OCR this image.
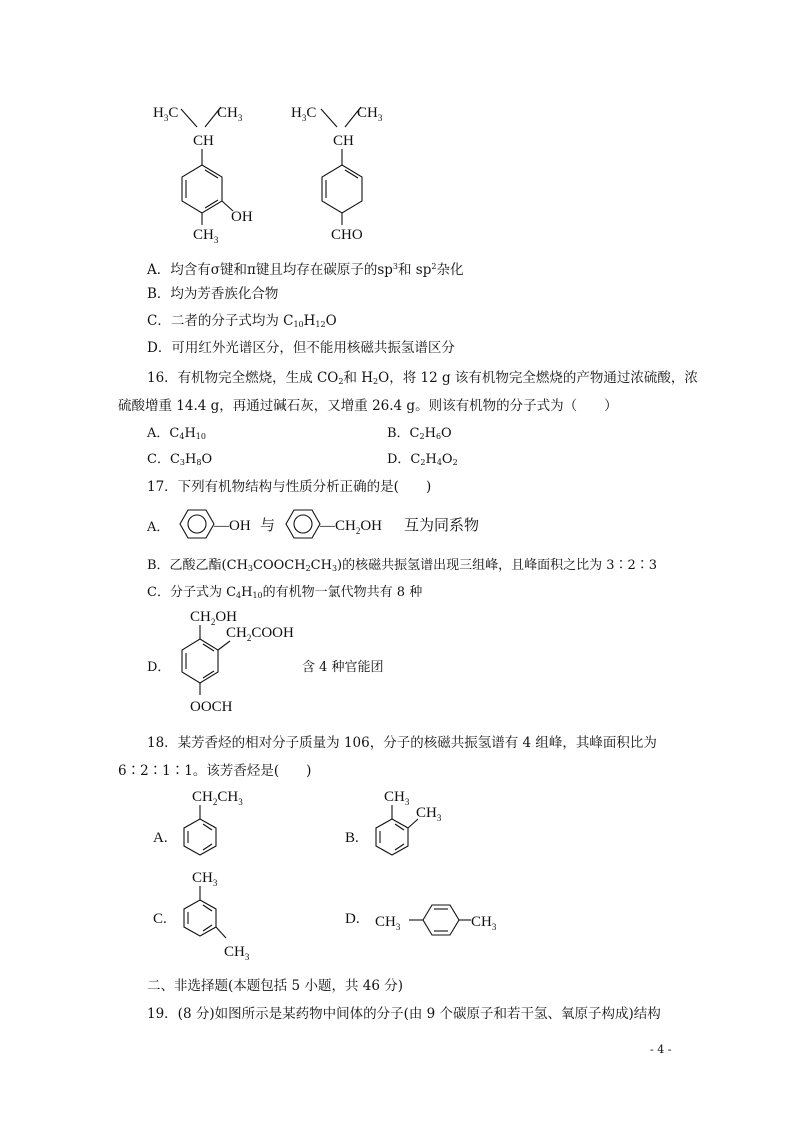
$H_3C$	$CH_3$
CH
OH
$CH_3$
$H_3C$	$CH_3$
CH
CHO
A．均含有σ键和π键且均存在碳原子的$sp^3$和 $sp^2$杂化
B．均为芳香族化合物
C．二者的分子式均为 $C_{10}H_{12}O$
D．可用红外光谱区分，但不能用核磁共振氢谱区分
16．有机物完全燃烧，生成 $CO_2$和 $H_2O$，将 12 g 该有机物完全燃烧的产物通过浓硫酸，浓
硫酸增重 14.4 g，再通过碱石灰，又增重 26.4 g。则该有机物的分子式为（　　）
A．$C_4H_{10}$	B．$C_2H_6O$
C．$C_3H_8O$	D．$C_2H_4O_2$
17．下列有机物结构与性质分析正确的是(　　)
A．	—OH 与	$—CH_2OH$ 互为同系物
B．乙酸乙酯$(CH_3COOCH_2CH_3)$的核磁共振氢谱出现三组峰，且峰面积之比为 3∶2∶3
C．分子式为 $C_4H_{10}$的有机物一氯代物共有 8 种
D．
$CH_2OH$
$CH_2COOH$
OOCH
含 4 种官能团
18．某芳香烃的相对分子质量为 106，分子的核磁共振氢谱有 4 组峰，其峰面积比为
6∶2∶1∶1。该芳香烃是(　　)
A.
$CH_2CH_3$
B.
$CH_3$
$CH_3$
C.
$CH_3$
$CH_3$
D. $CH_3$	$CH_3$
二、非选择题(本题包括 5 小题，共 46 分)
19．(8 分)如图所示是某药物中间体的分子(由 9 个碳原子和若干氢、氧原子构成)结构
- 4 -
